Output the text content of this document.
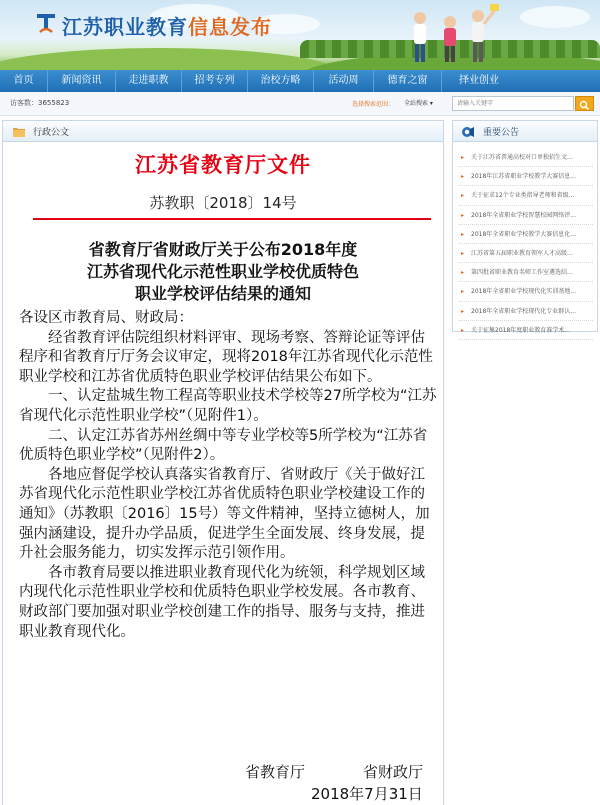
江苏职业教育信息发布
首页	新闻资讯	走进职教	招考专列	治校方略	活动周	德育之窗	择业创业
访客数：3655823	选择搜索范围： 全站搜索 ▾
请输入关键字
行政公文
江苏省教育厅文件
苏教职〔2018〕14号
省教育厅省财政厅关于公布2018年度
江苏省现代化示范性职业学校优质特色
职业学校评估结果的通知

各设区市教育局、财政局：

经省教育评估院组织材料评审、现场考察、答辩论证等评估程序和省教育厅厅务会议审定，现将2018年江苏省现代化示范性职业学校和江苏省优质特色职业学校评估结果公布如下。

一、认定盐城生物工程高等职业技术学校等27所学校为“江苏省现代化示范性职业学校”（见附件1）。

二、认定江苏省苏州丝绸中等专业学校等5所学校为“江苏省优质特色职业学校”（见附件2）。

各地应督促学校认真落实省教育厅、省财政厅《关于做好江苏省现代化示范性职业学校江苏省优质特色职业学校建设工作的通知》（苏教职〔2016〕15号）等文件精神，坚持立德树人，加强内涵建设，提升办学品质，促进学生全面发展、终身发展，提升社会服务能力，切实发挥示范引领作用。

各市教育局要以推进职业教育现代化为统领，科学规划区域内现代化示范性职业学校和优质特色职业学校发展。各市教育、财政部门要加强对职业学校创建工作的指导、服务与支持，推进职业教育现代化。

省教育厅	省财政厅
2018年7月31日
重要公告
▸ 关于江苏省普通高校对口单独招生文...
▸ 2018年江苏省职业学校教学大赛信息...
▸ 关于征求12个专业类指导老师和省级...
▸ 2018年全省职业学校智慧校园网络评...
▸ 2018年全省职业学校教学大赛信息化...
▸ 江苏省第五届职业教育领军人才高级...
▸ 第四批省职业教育名师工作室遴选结...
▸ 2018年全省职业学校现代化实训基地...
▸ 2018年全省职业学校现代化专业群认...
▸ 关于征集2018年度职业教育准学术...
